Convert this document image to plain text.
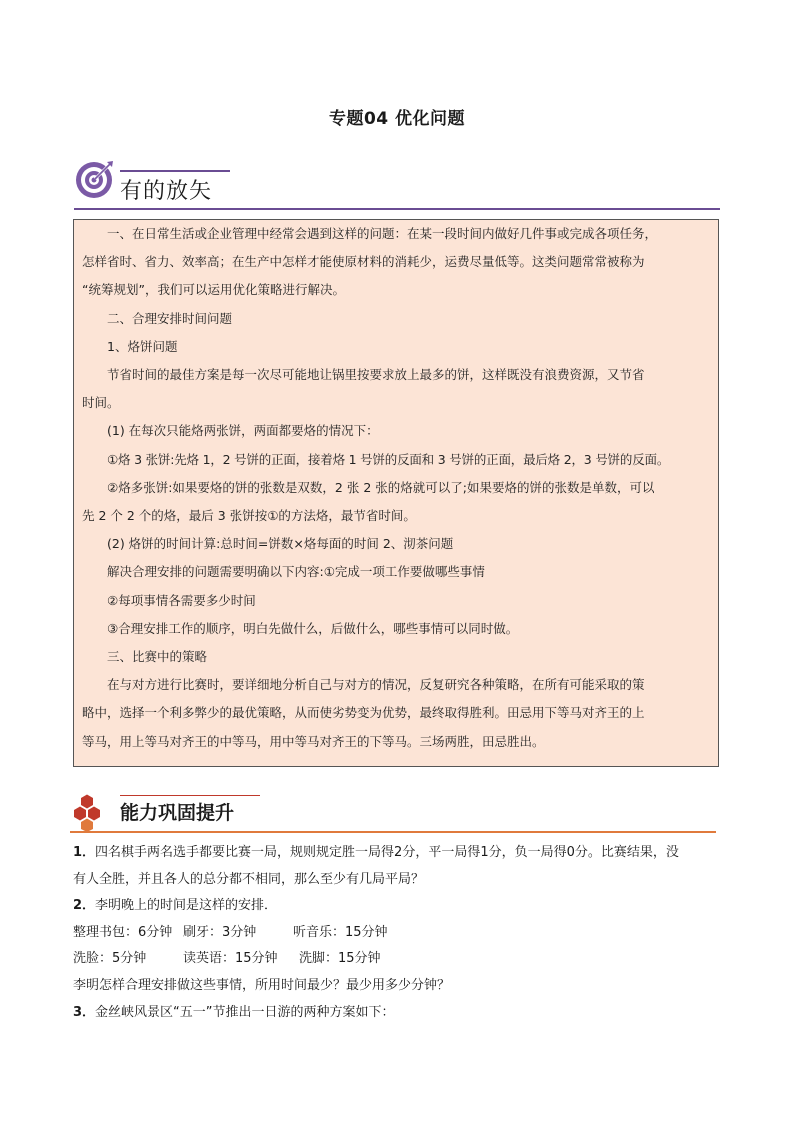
专题04 优化问题
有的放矢

一、在日常生活或企业管理中经常会遇到这样的问题：在某一段时间内做好几件事或完成各项任务，

怎样省时、省力、效率高；在生产中怎样才能使原材料的消耗少，运费尽量低等。这类问题常常被称为

“统筹规划”，我们可以运用优化策略进行解决。

二、合理安排时间问题

1、烙饼问题

节省时间的最佳方案是每一次尽可能地让锅里按要求放上最多的饼，这样既没有浪费资源，又节省

时间。

(1) 在每次只能烙两张饼，两面都要烙的情况下：

①烙 3 张饼:先烙 1，2 号饼的正面，接着烙 1 号饼的反面和 3 号饼的正面，最后烙 2，3 号饼的反面。

②烙多张饼:如果要烙的饼的张数是双数，2 张 2 张的烙就可以了;如果要烙的饼的张数是单数，可以

先 2 个 2 个的烙，最后 3 张饼按①的方法烙，最节省时间。

(2) 烙饼的时间计算:总时间=饼数×烙每面的时间 2、沏茶问题

解决合理安排的问题需要明确以下内容:①完成一项工作要做哪些事情

②每项事情各需要多少时间

③合理安排工作的顺序，明白先做什么，后做什么，哪些事情可以同时做。

三、比赛中的策略

在与对方进行比赛时，要详细地分析自己与对方的情况，反复研究各种策略，在所有可能采取的策

略中，选择一个利多弊少的最优策略，从而使劣势变为优势，最终取得胜利。田忌用下等马对齐王的上

等马，用上等马对齐王的中等马，用中等马对齐王的下等马。三场两胜，田忌胜出。

能力巩固提升

1．四名棋手两名选手都要比赛一局，规则规定胜一局得2分，平一局得1分，负一局得0分。比赛结果，没

有人全胜，并且各人的总分都不相同，那么至少有几局平局？

2．李明晚上的时间是这样的安排．

整理书包：6分钟 刷牙：3分钟	听音乐：15分钟

洗脸：5分钟	读英语：15分钟 洗脚：15分钟

李明怎样合理安排做这些事情，所用时间最少？最少用多少分钟？

3．金丝峡风景区“五一”节推出一日游的两种方案如下：
